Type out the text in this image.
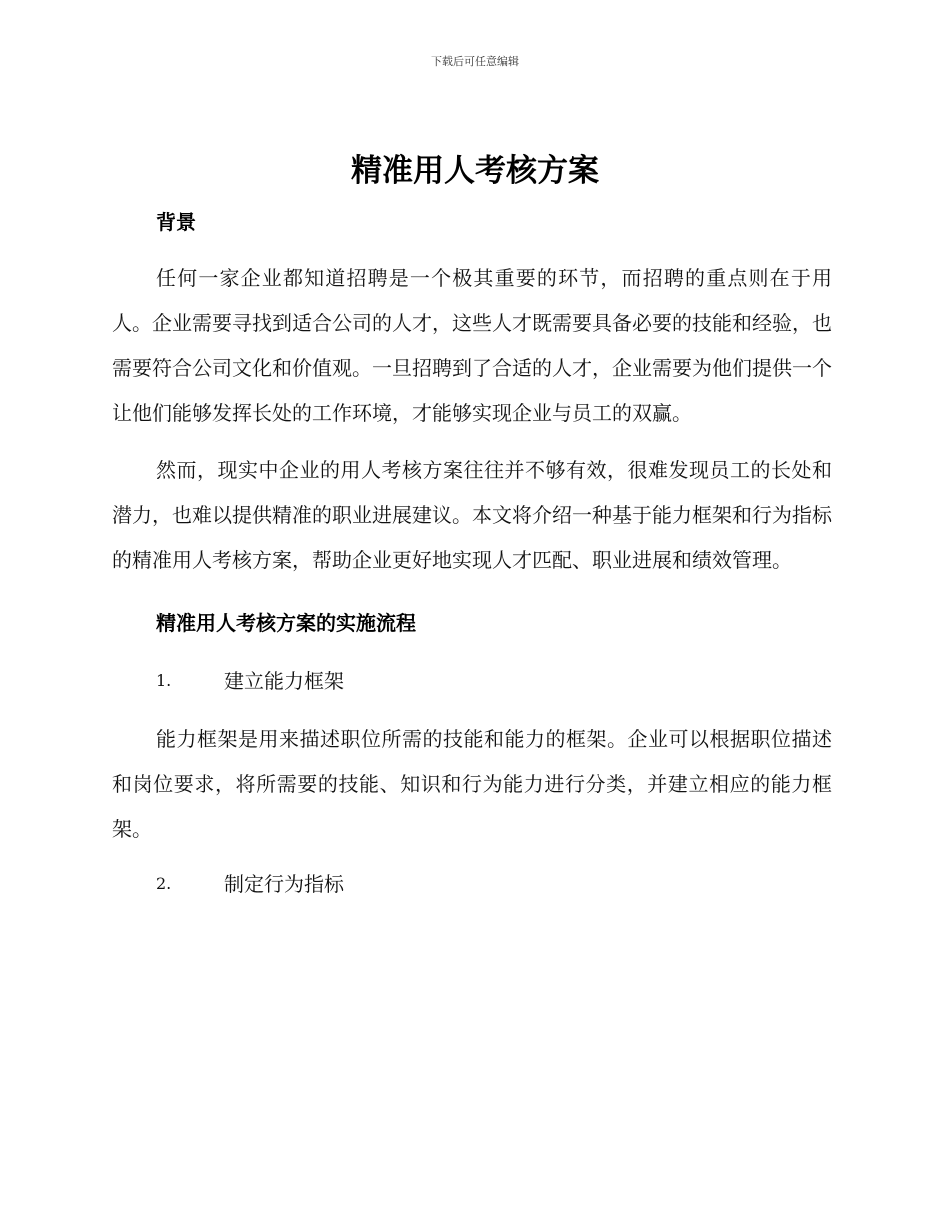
下载后可任意编辑
精准用人考核方案
背景

任何一家企业都知道招聘是一个极其重要的环节，而招聘的重点则在于用人。企业需要寻找到适合公司的人才，这些人才既需要具备必要的技能和经验，也需要符合公司文化和价值观。一旦招聘到了合适的人才，企业需要为他们提供一个让他们能够发挥长处的工作环境，才能够实现企业与员工的双赢。

然而，现实中企业的用人考核方案往往并不够有效，很难发现员工的长处和潜力，也难以提供精准的职业进展建议。本文将介绍一种基于能力框架和行为指标的精准用人考核方案，帮助企业更好地实现人才匹配、职业进展和绩效管理。

精准用人考核方案的实施流程
1.	建立能力框架

能力框架是用来描述职位所需的技能和能力的框架。企业可以根据职位描述和岗位要求，将所需要的技能、知识和行为能力进行分类，并建立相应的能力框架。

2.	制定行为指标
